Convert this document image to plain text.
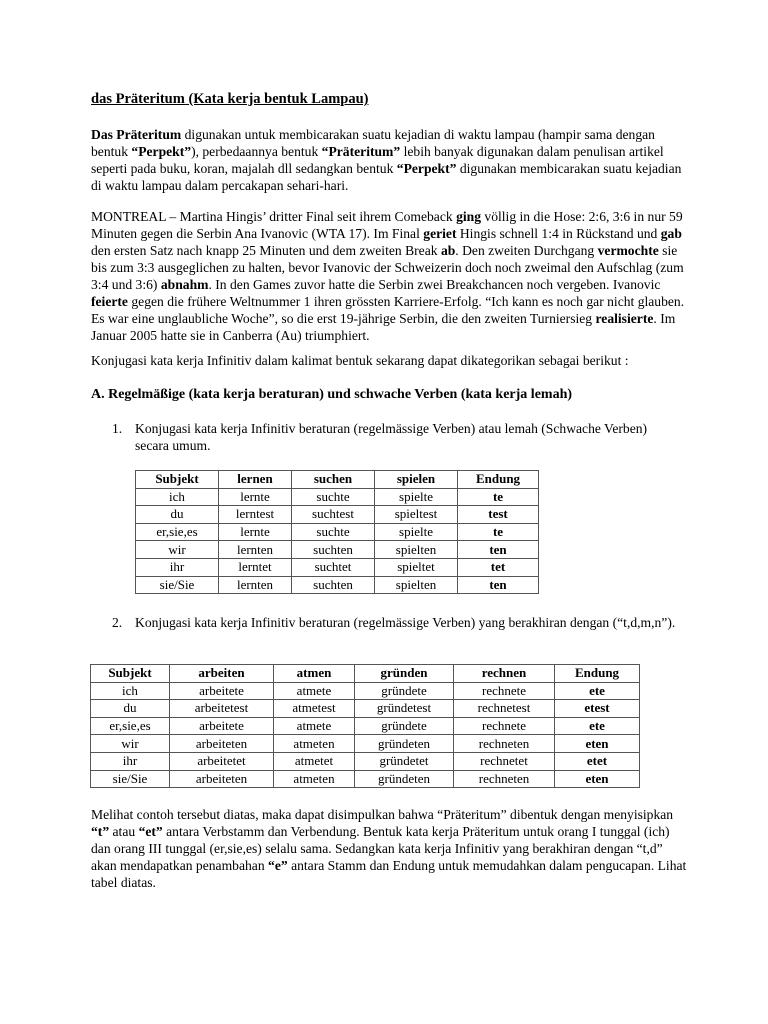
das Präteritum (Kata kerja bentuk Lampau)

Das Präteritum digunakan untuk membicarakan suatu kejadian di waktu lampau (hampir sama dengan bentuk “Perpekt”), perbedaannya bentuk “Präteritum” lebih banyak digunakan dalam penulisan artikel seperti pada buku, koran, majalah dll sedangkan bentuk “Perpekt” digunakan membicarakan suatu kejadian di waktu lampau dalam percakapan sehari-hari.

MONTREAL – Martina Hingis’ dritter Final seit ihrem Comeback ging völlig in die Hose: 2:6, 3:6 in nur 59 Minuten gegen die Serbin Ana Ivanovic (WTA 17). Im Final geriet Hingis schnell 1:4 in Rückstand und gab den ersten Satz nach knapp 25 Minuten und dem zweiten Break ab. Den zweiten Durchgang vermochte sie bis zum 3:3 ausgeglichen zu halten, bevor Ivanovic der Schweizerin doch noch zweimal den Aufschlag (zum 3:4 und 3:6) abnahm. In den Games zuvor hatte die Serbin zwei Breakchancen noch vergeben. Ivanovic feierte gegen die frühere Weltnummer 1 ihren grössten Karriere-Erfolg. “Ich kann es noch gar nicht glauben. Es war eine unglaubliche Woche”, so die erst 19-jährige Serbin, die den zweiten Turniersieg realisierte. Im Januar 2005 hatte sie in Canberra (Au) triumphiert.

Konjugasi kata kerja Infinitiv dalam kalimat bentuk sekarang dapat dikategorikan sebagai berikut :

A. Regelmäßige (kata kerja beraturan) und schwache Verben (kata kerja lemah)
1. Konjugasi kata kerja Infinitiv beraturan (regelmässige Verben) atau lemah (Schwache Verben) secara umum.
Subjekt	lernen	suchen	spielen	Endung
ich	lernte	suchte	spielte	te
du	lerntest	suchtest	spieltest	test
er,sie,es	lernte	suchte	spielte	te
wir	lernten	suchten	spielten	ten
ihr	lerntet	suchtet	spieltet	tet
sie/Sie	lernten	suchten	spielten	ten
2. Konjugasi kata kerja Infinitiv beraturan (regelmässige Verben) yang berakhiran dengan (“t,d,m,n”).
Subjekt	arbeiten	atmen	gründen	rechnen	Endung
ich	arbeitete	atmete	gründete	rechnete	ete
du	arbeitetest	atmetest	gründetest	rechnetest	etest
er,sie,es	arbeitete	atmete	gründete	rechnete	ete
wir	arbeiteten	atmeten	gründeten	rechneten	eten
ihr	arbeitetet	atmetet	gründetet	rechnetet	etet
sie/Sie	arbeiteten	atmeten	gründeten	rechneten	eten

Melihat contoh tersebut diatas, maka dapat disimpulkan bahwa “Präteritum” dibentuk dengan menyisipkan “t” atau “et” antara Verbstamm dan Verbendung. Bentuk kata kerja Präteritum untuk orang I tunggal (ich) dan orang III tunggal (er,sie,es) selalu sama. Sedangkan kata kerja Infinitiv yang berakhiran dengan “t,d” akan mendapatkan penambahan “e” antara Stamm dan Endung untuk memudahkan dalam pengucapan. Lihat tabel diatas.
